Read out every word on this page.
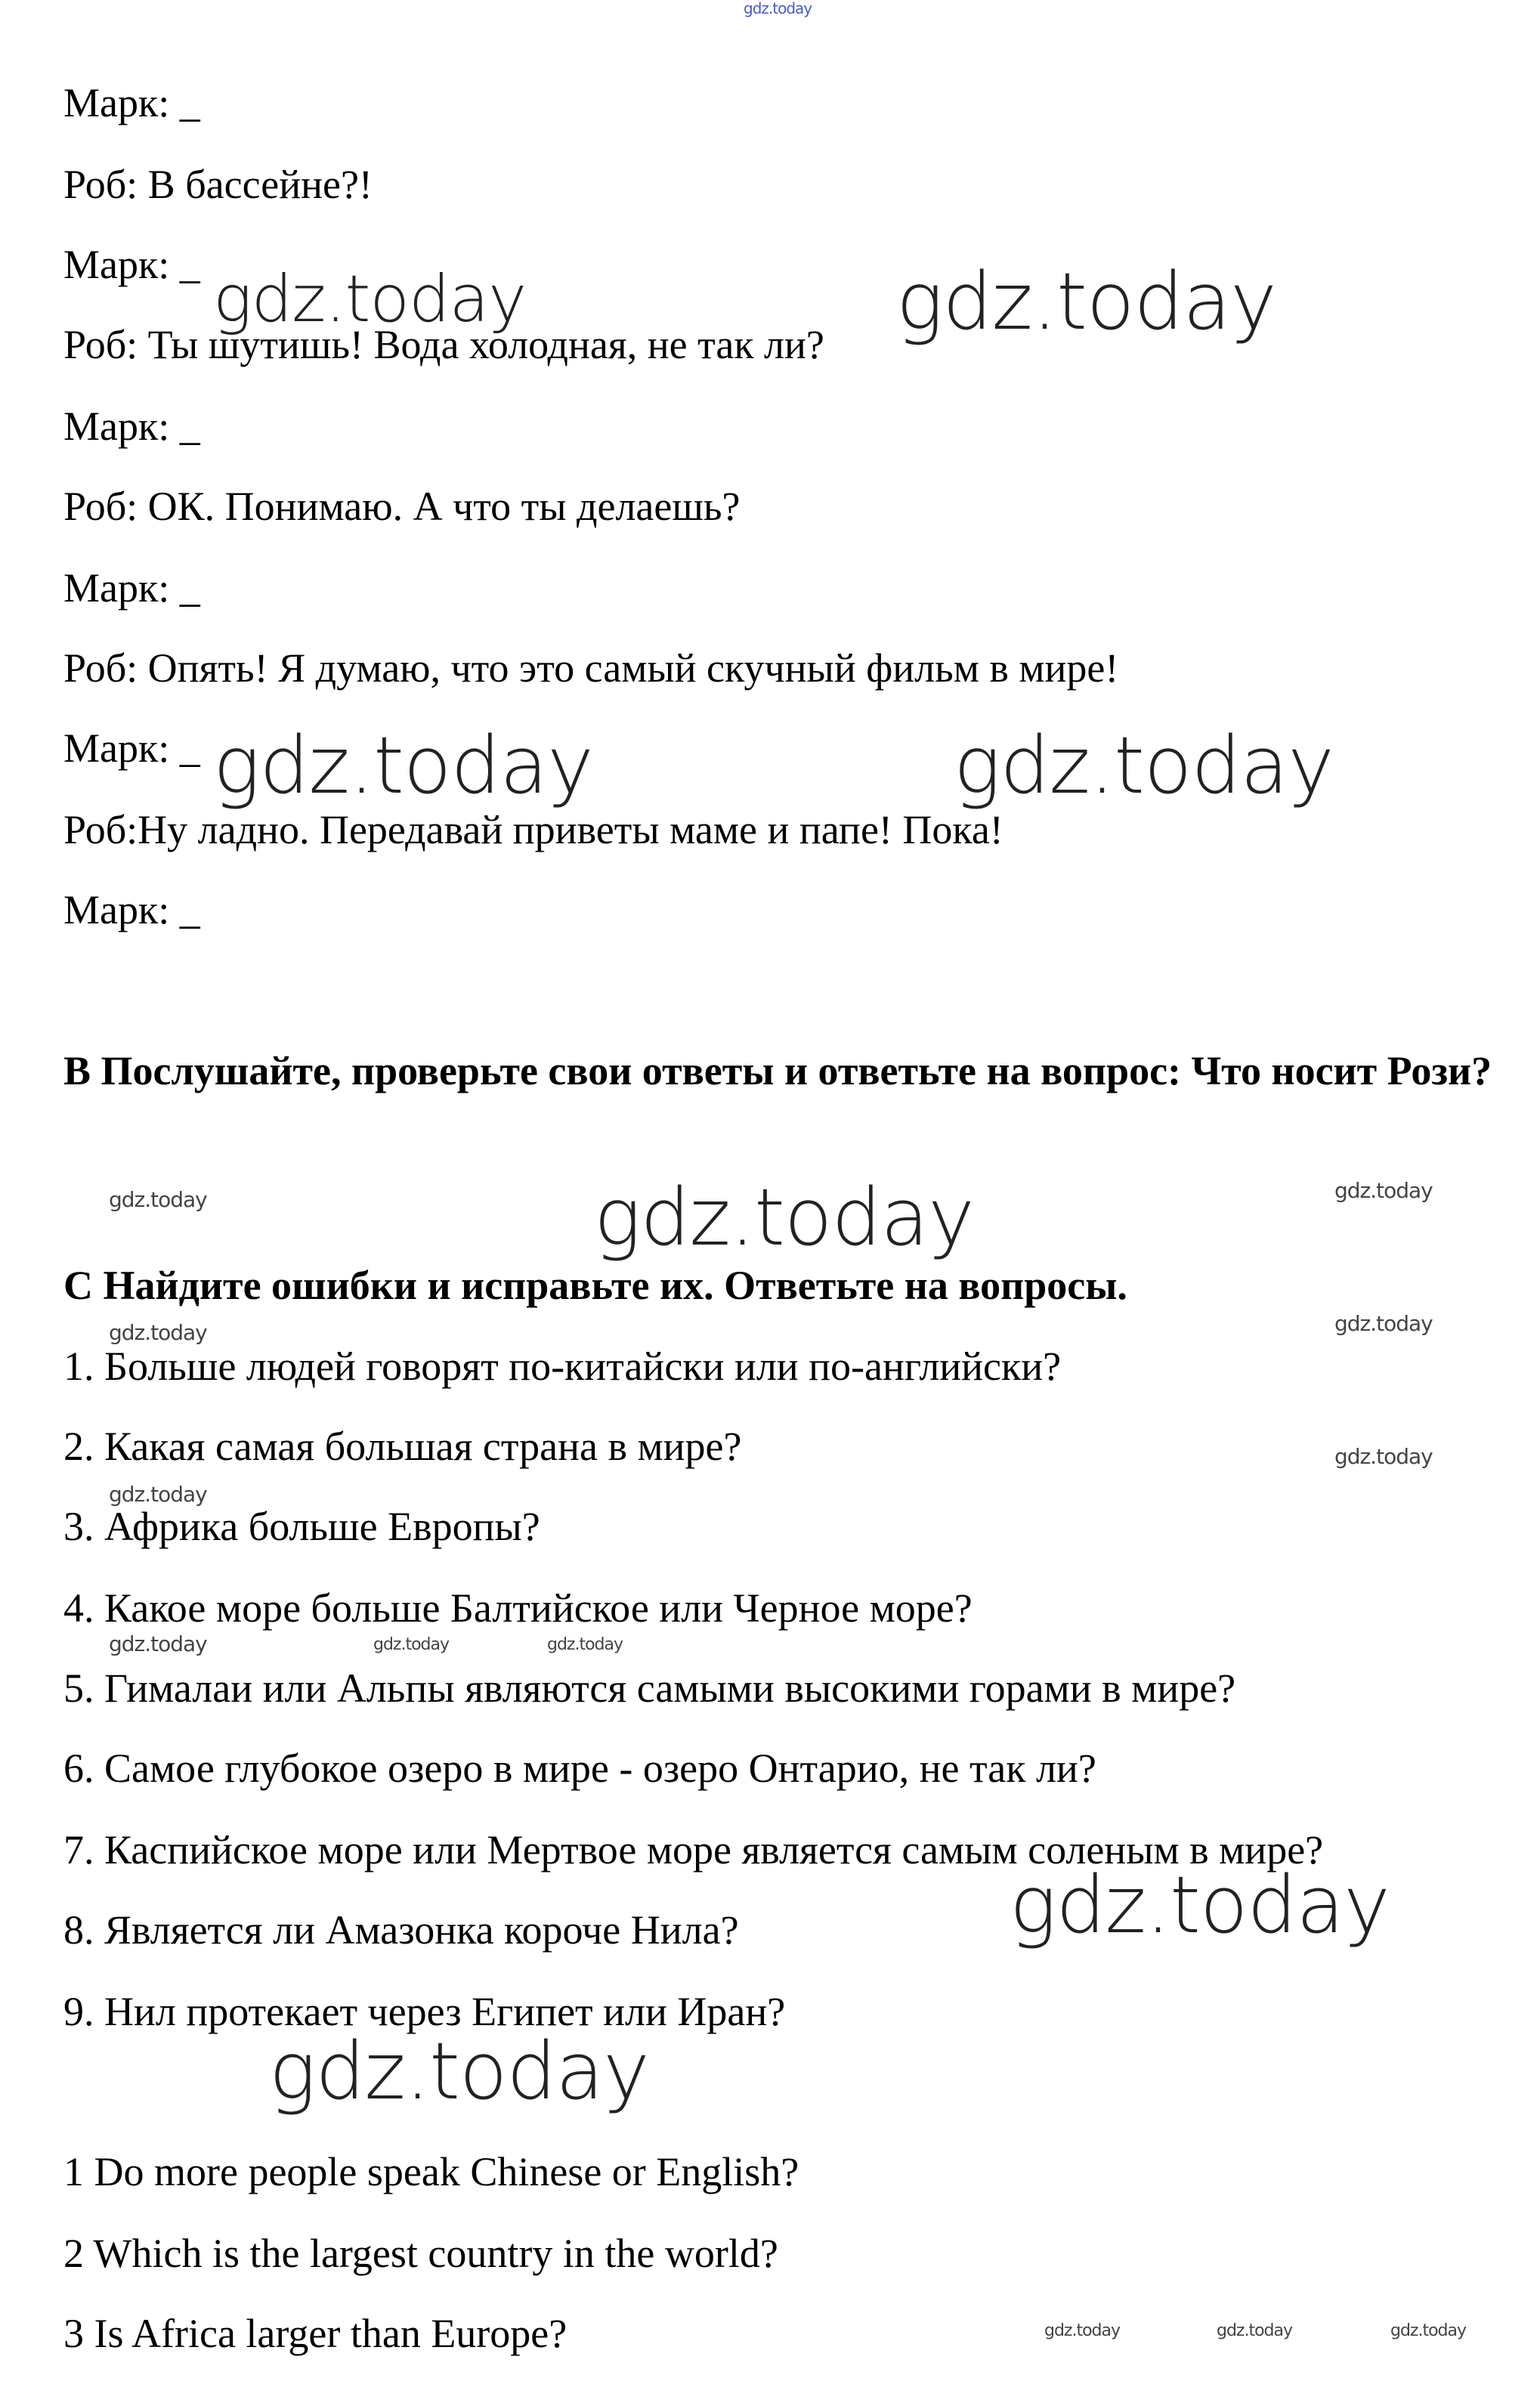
gdz.today
Марк: _
Роб: В бассейне?!
Марк: _
Роб: Ты шутишь! Вода холодная, не так ли?
Марк: _
Роб: ОК. Понимаю. А что ты делаешь?
Марк: _
Роб: Опять! Я думаю, что это самый скучный фильм в мире!
Марк: _
Роб:Ну ладно. Передавай приветы маме и папе! Пока!
Марк: _
B Послушайте, проверьте свои ответы и ответьте на вопрос: Что носит Рози?
C Найдите ошибки и исправьте их. Ответьте на вопросы.
1. Больше людей говорят по-китайски или по-английски?
2. Какая самая большая страна в мире?
3. Африка больше Европы?
4. Какое море больше Балтийское или Черное море?
5. Гималаи или Альпы являются самыми высокими горами в мире?
6. Самое глубокое озеро в мире - озеро Онтарио, не так ли?
7. Каспийское море или Мертвое море является самым соленым в мире?
8. Является ли Амазонка короче Нила?
9. Нил протекает через Египет или Иран?
1 Do more people speak Chinese or English?
2 Which is the largest country in the world?
3 Is Africa larger than Europe?
gdz.today	gdz.today
gdz.today	gdz.today
gdz.today
gdz.today
gdz.today
gdz.today	gdz.today
gdz.today	gdz.today
gdz.today
gdz.today
gdz.today	gdz.today	gdz.today
gdz.today	gdz.today	gdz.today
